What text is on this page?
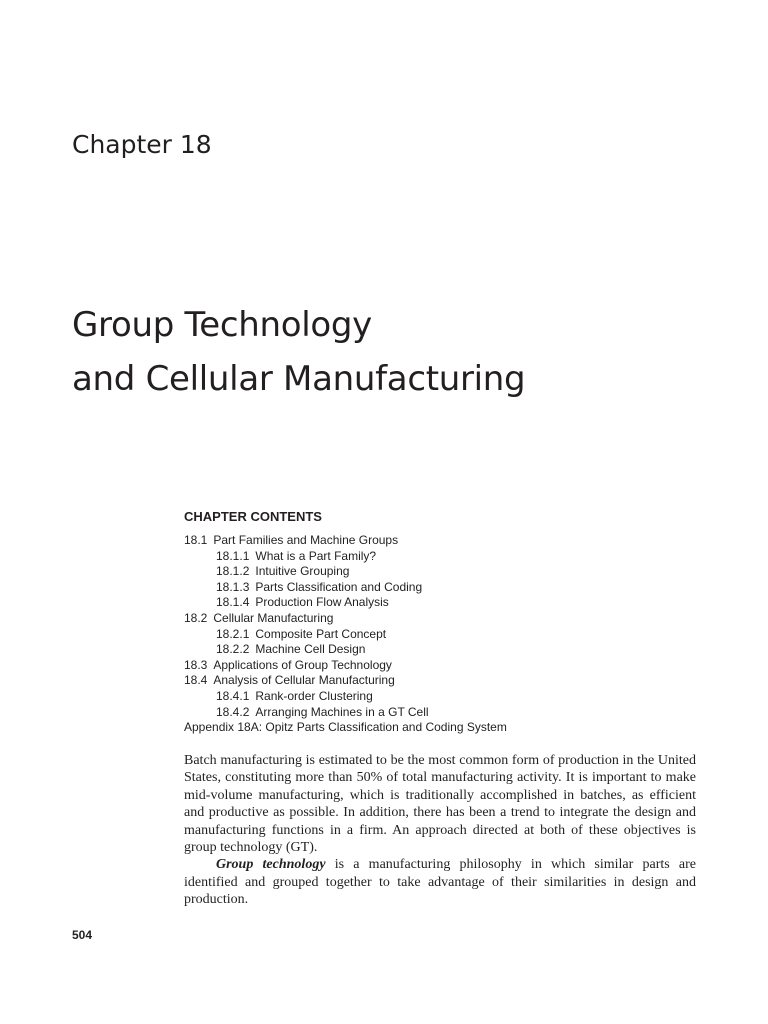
Chapter 18
Group Technology
and Cellular Manufacturing
CHAPTER CONTENTS
18.1 Part Families and Machine Groups
18.1.1 What is a Part Family?
18.1.2 Intuitive Grouping
18.1.3 Parts Classification and Coding
18.1.4 Production Flow Analysis
18.2 Cellular Manufacturing
18.2.1 Composite Part Concept
18.2.2 Machine Cell Design
18.3 Applications of Group Technology
18.4 Analysis of Cellular Manufacturing
18.4.1 Rank-order Clustering
18.4.2 Arranging Machines in a GT Cell
Appendix 18A: Opitz Parts Classification and Coding System

Batch manufacturing is estimated to be the most common form of production in the United States, constituting more than 50% of total manufacturing activity. It is important to make mid-volume manufacturing, which is traditionally accomplished in batches, as efficient and productive as possible. In addition, there has been a trend to integrate the design and manufacturing functions in a firm. An approach directed at both of these objectives is group technology (GT).

Group technology is a manufacturing philosophy in which similar parts are identified and grouped together to take advantage of their similarities in design and production.

504
